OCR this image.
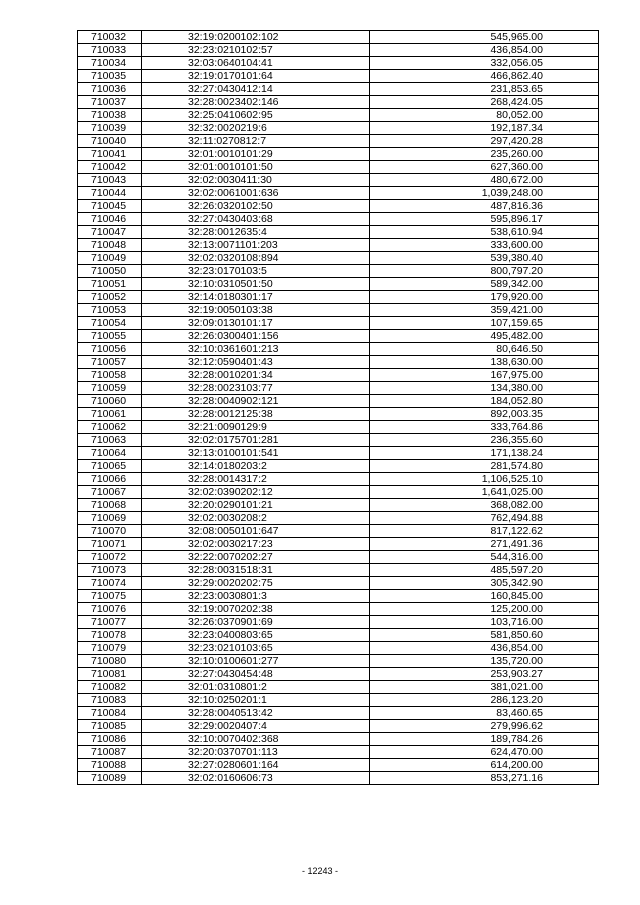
710032	32:19:0200102:102	545,965.00
710033	32:23:0210102:57	436,854.00
710034	32:03:0640104:41	332,056.05
710035	32:19:0170101:64	466,862.40
710036	32:27:0430412:14	231,853.65
710037	32:28:0023402:146	268,424.05
710038	32:25:0410602:95	80,052.00
710039	32:32:0020219:6	192,187.34
710040	32:11:0270812:7	297,420.28
710041	32:01:0010101:29	235,260.00
710042	32:01:0010101:50	627,360.00
710043	32:02:0030411:30	480,672.00
710044	32:02:0061001:636	1,039,248.00
710045	32:26:0320102:50	487,816.36
710046	32:27:0430403:68	595,896.17
710047	32:28:0012635:4	538,610.94
710048	32:13:0071101:203	333,600.00
710049	32:02:0320108:894	539,380.40
710050	32:23:0170103:5	800,797.20
710051	32:10:0310501:50	589,342.00
710052	32:14:0180301:17	179,920.00
710053	32:19:0050103:38	359,421.00
710054	32:09:0130101:17	107,159.65
710055	32:26:0300401:156	495,482.00
710056	32:10:0361601:213	80,646.50
710057	32:12:0590401:43	138,630.00
710058	32:28:0010201:34	167,975.00
710059	32:28:0023103:77	134,380.00
710060	32:28:0040902:121	184,052.80
710061	32:28:0012125:38	892,003.35
710062	32:21:0090129:9	333,764.86
710063	32:02:0175701:281	236,355.60
710064	32:13:0100101:541	171,138.24
710065	32:14:0180203:2	281,574.80
710066	32:28:0014317:2	1,106,525.10
710067	32:02:0390202:12	1,641,025.00
710068	32:20:0290101:21	368,082.00
710069	32:02:0030208:2	762,494.88
710070	32:08:0050101:647	817,122.62
710071	32:02:0030217:23	271,491.36
710072	32:22:0070202:27	544,316.00
710073	32:28:0031518:31	485,597.20
710074	32:29:0020202:75	305,342.90
710075	32:23:0030801:3	160,845.00
710076	32:19:0070202:38	125,200.00
710077	32:26:0370901:69	103,716.00
710078	32:23:0400803:65	581,850.60
710079	32:23:0210103:65	436,854.00
710080	32:10:0100601:277	135,720.00
710081	32:27:0430454:48	253,903.27
710082	32:01:0310801:2	381,021.00
710083	32:10:0250201:1	286,123.20
710084	32:28:0040513:42	83,460.65
710085	32:29:0020407:4	279,996.62
710086	32:10:0070402:368	189,784.26
710087	32:20:0370701:113	624,470.00
710088	32:27:0280601:164	614,200.00
710089	32:02:0160606:73	853,271.16
- 12243 -
